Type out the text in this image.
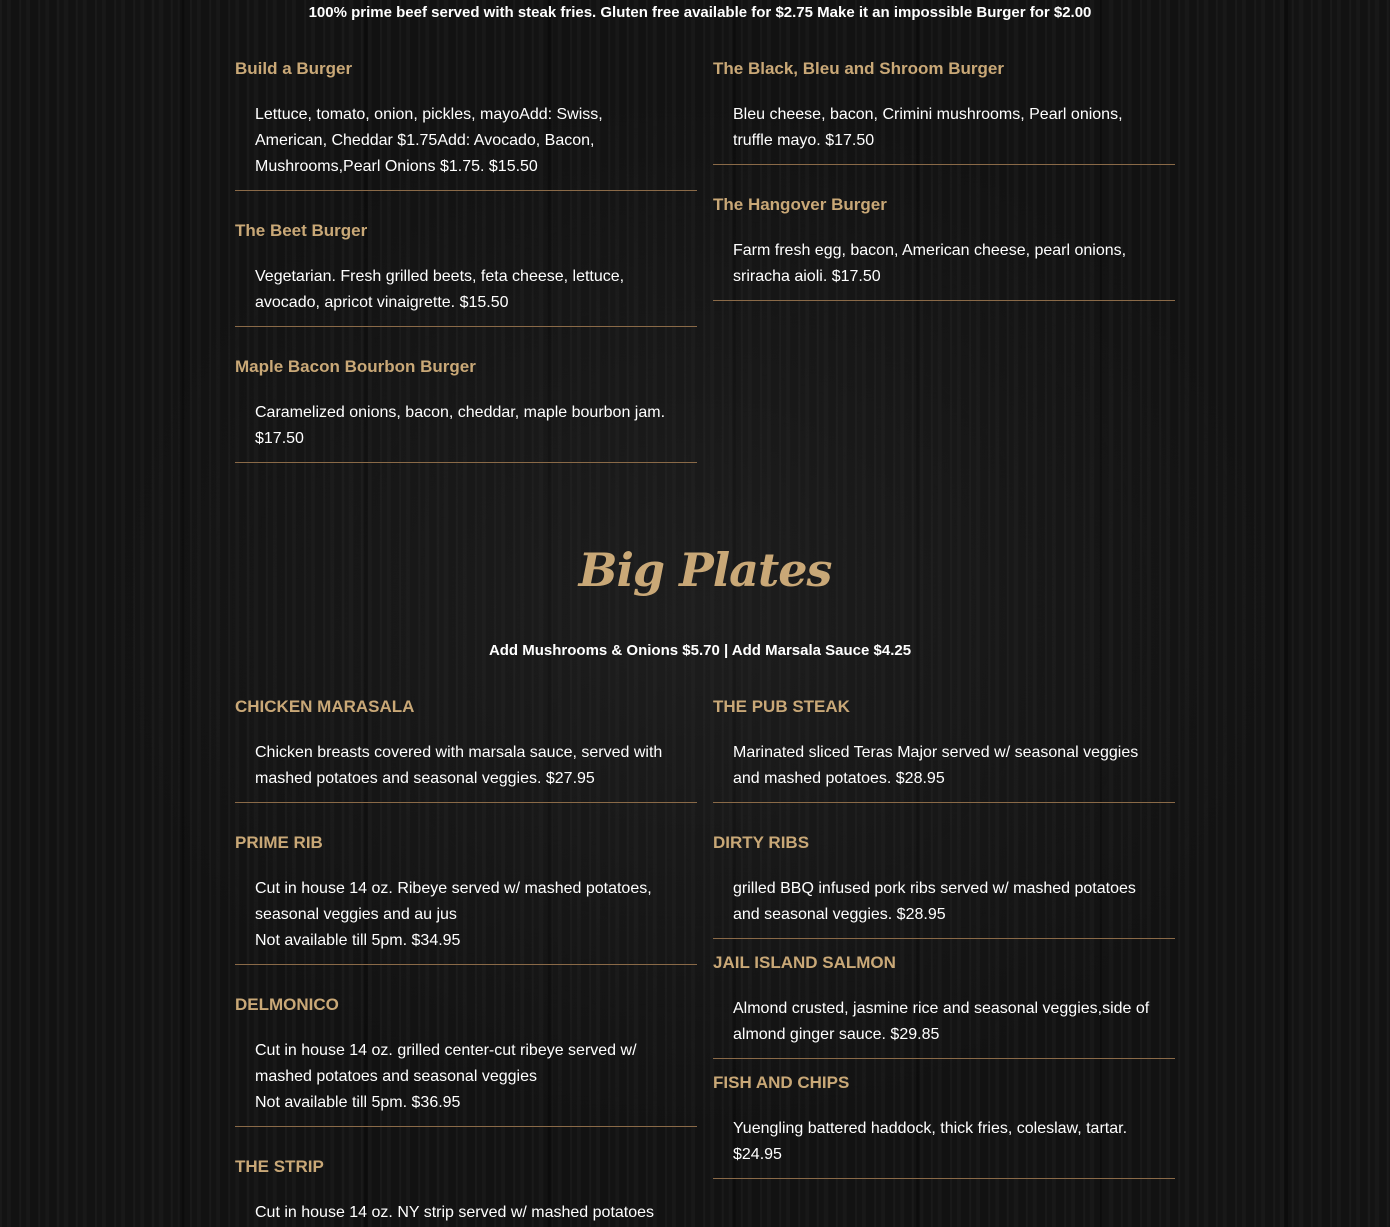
100% prime beef served with steak fries. Gluten free available for $2.75 Make it an impossible Burger for $2.00

Build a Burger

Lettuce, tomato, onion, pickles, mayoAdd: Swiss, American, Cheddar $1.75Add: Avocado, Bacon, Mushrooms,Pearl Onions $1.75. $15.50

The Beet Burger

Vegetarian. Fresh grilled beets, feta cheese, lettuce, avocado, apricot vinaigrette. $15.50

Maple Bacon Bourbon Burger

Caramelized onions, bacon, cheddar, maple bourbon jam. $17.50

The Black, Bleu and Shroom Burger

Bleu cheese, bacon, Crimini mushrooms, Pearl onions, truffle mayo. $17.50

The Hangover Burger

Farm fresh egg, bacon, American cheese, pearl onions, sriracha aioli. $17.50

Big Plates

Add Mushrooms & Onions $5.70 | Add Marsala Sauce $4.25

CHICKEN MARASALA

Chicken breasts covered with marsala sauce, served with mashed potatoes and seasonal veggies. $27.95

PRIME RIB

Cut in house 14 oz. Ribeye served w/ mashed potatoes, seasonal veggies and au jus

Not available till 5pm. $34.95

DELMONICO

Cut in house 14 oz. grilled center-cut ribeye served w/ mashed potatoes and seasonal veggies

Not available till 5pm. $36.95

THE STRIP

Cut in house 14 oz. NY strip served w/ mashed potatoes

THE PUB STEAK

Marinated sliced Teras Major served w/ seasonal veggies and mashed potatoes. $28.95

DIRTY RIBS

grilled BBQ infused pork ribs served w/ mashed potatoes and seasonal veggies. $28.95

JAIL ISLAND SALMON

Almond crusted, jasmine rice and seasonal veggies,side of almond ginger sauce. $29.85

FISH AND CHIPS

Yuengling battered haddock, thick fries, coleslaw, tartar. $24.95
